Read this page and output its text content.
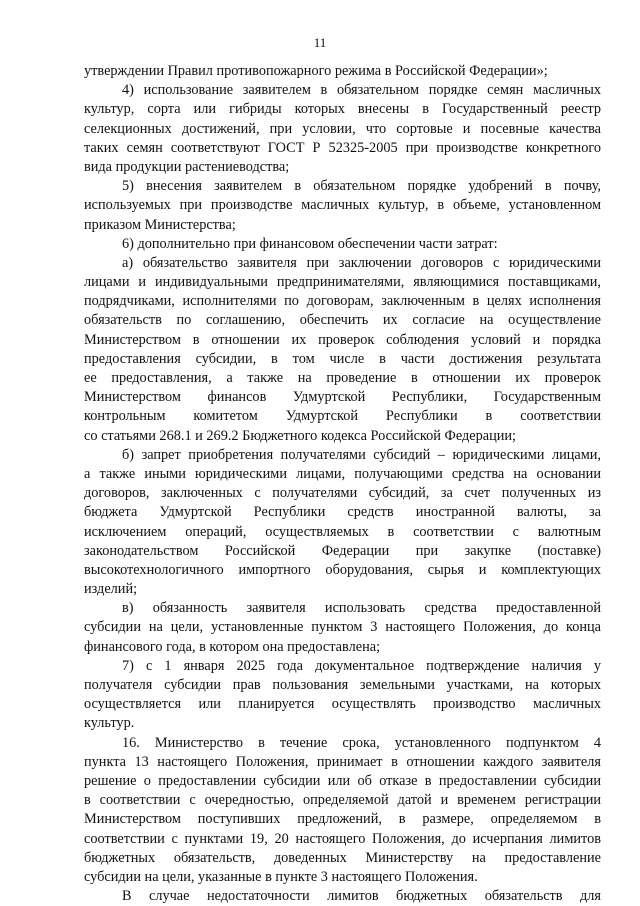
11
утверждении Правил противопожарного режима в Российской Федерации»;
4) использование заявителем в обязательном порядке семян масличных
культур, сорта или гибриды которых внесены в Государственный реестр
селекционных достижений, при условии, что сортовые и посевные качества
таких семян соответствуют ГОСТ Р 52325-2005 при производстве конкретного
вида продукции растениеводства;
5) внесения заявителем в обязательном порядке удобрений в почву,
используемых при производстве масличных культур, в объеме, установленном
приказом Министерства;
6) дополнительно при финансовом обеспечении части затрат:
а) обязательство заявителя при заключении договоров с юридическими
лицами и индивидуальными предпринимателями, являющимися поставщиками,
подрядчиками, исполнителями по договорам, заключенным в целях исполнения
обязательств по соглашению, обеспечить их согласие на осуществление
Министерством в отношении их проверок соблюдения условий и порядка
предоставления субсидии, в том числе в части достижения результата
ее предоставления, а также на проведение в отношении их проверок
Министерством финансов Удмуртской Республики, Государственным
контрольным комитетом Удмуртской Республики в соответствии
со статьями 268.1 и 269.2 Бюджетного кодекса Российской Федерации;
б) запрет приобретения получателями субсидий – юридическими лицами,
а также иными юридическими лицами, получающими средства на основании
договоров, заключенных с получателями субсидий, за счет полученных из
бюджета Удмуртской Республики средств иностранной валюты, за
исключением операций, осуществляемых в соответствии с валютным
законодательством Российской Федерации при закупке (поставке)
высокотехнологичного импортного оборудования, сырья и комплектующих
изделий;
в) обязанность заявителя использовать средства предоставленной
субсидии на цели, установленные пунктом 3 настоящего Положения, до конца
финансового года, в котором она предоставлена;
7) с 1 января 2025 года документальное подтверждение наличия у
получателя субсидии прав пользования земельными участками, на которых
осуществляется или планируется осуществлять производство масличных
культур.
16. Министерство в течение срока, установленного подпунктом 4
пункта 13 настоящего Положения, принимает в отношении каждого заявителя
решение о предоставлении субсидии или об отказе в предоставлении субсидии
в соответствии с очередностью, определяемой датой и временем регистрации
Министерством поступивших предложений, в размере, определяемом в
соответствии с пунктами 19, 20 настоящего Положения, до исчерпания лимитов
бюджетных обязательств, доведенных Министерству на предоставление
субсидии на цели, указанные в пункте 3 настоящего Положения.
В случае недостаточности лимитов бюджетных обязательств для
